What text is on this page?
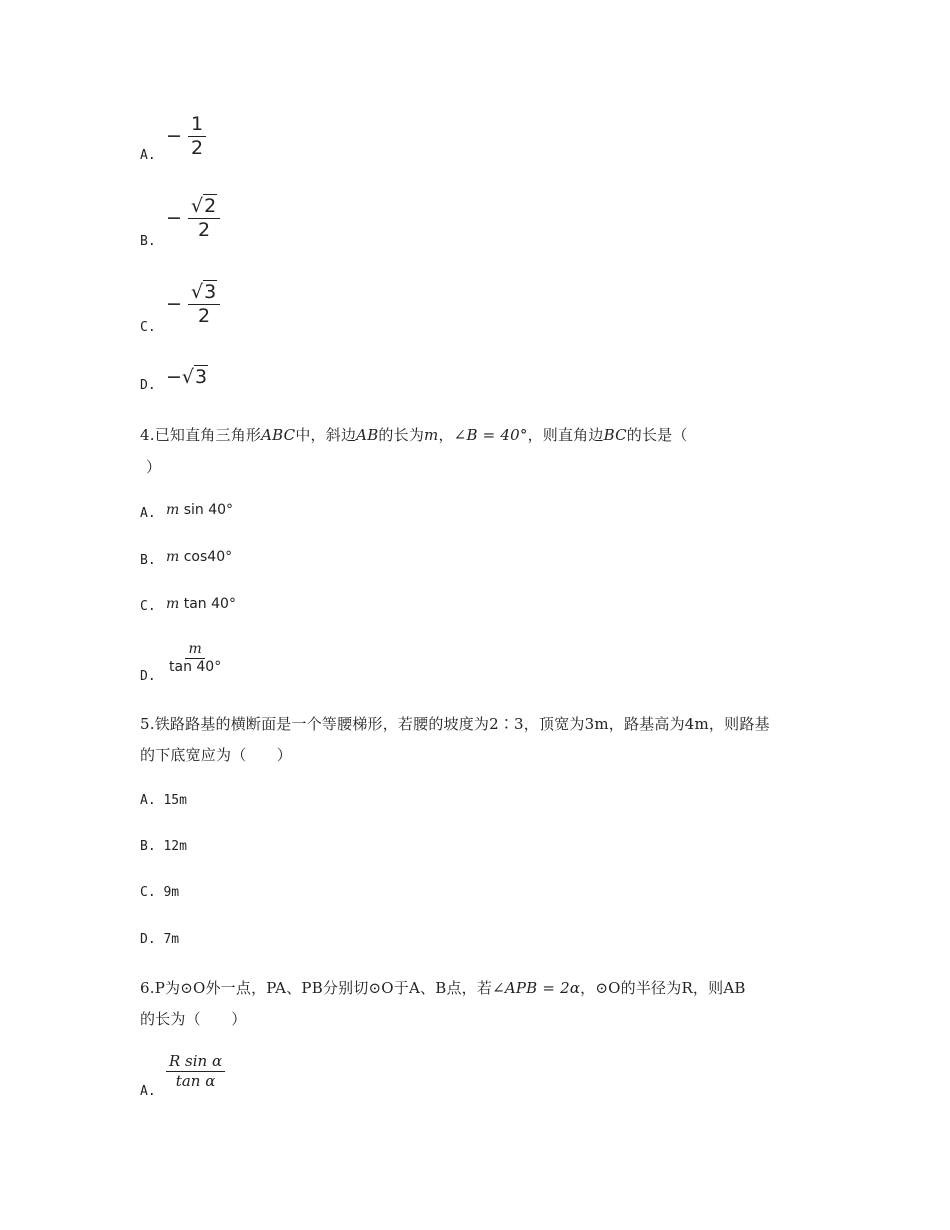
A.
− $\frac{1}{2}$
B.
− $\frac{√2}{2}$
C.
− $\frac{√3}{2}$
D. −√3
4.已知直角三角形ABC中，斜边AB的长为m，∠B = 40°，则直角边BC的长是（
）
A. m sin 40°
B. m cos40°
C. m tan 40°
D.
$\frac{m}{\tan 40^\circ}$
5.铁路路基的横断面是一个等腰梯形，若腰的坡度为2∶3，顶宽为3m，路基高为4m，则路基
的下底宽应为（　　）
A. 15m
B. 12m
C. 9m
D. 7m
6.P为⊙O外一点，PA、PB分别切⊙O于A、B点，若∠APB = 2α，⊙O的半径为R，则AB
的长为（　　）
A.
$\frac{\text{R sin α}}{\text{tan α}}$
